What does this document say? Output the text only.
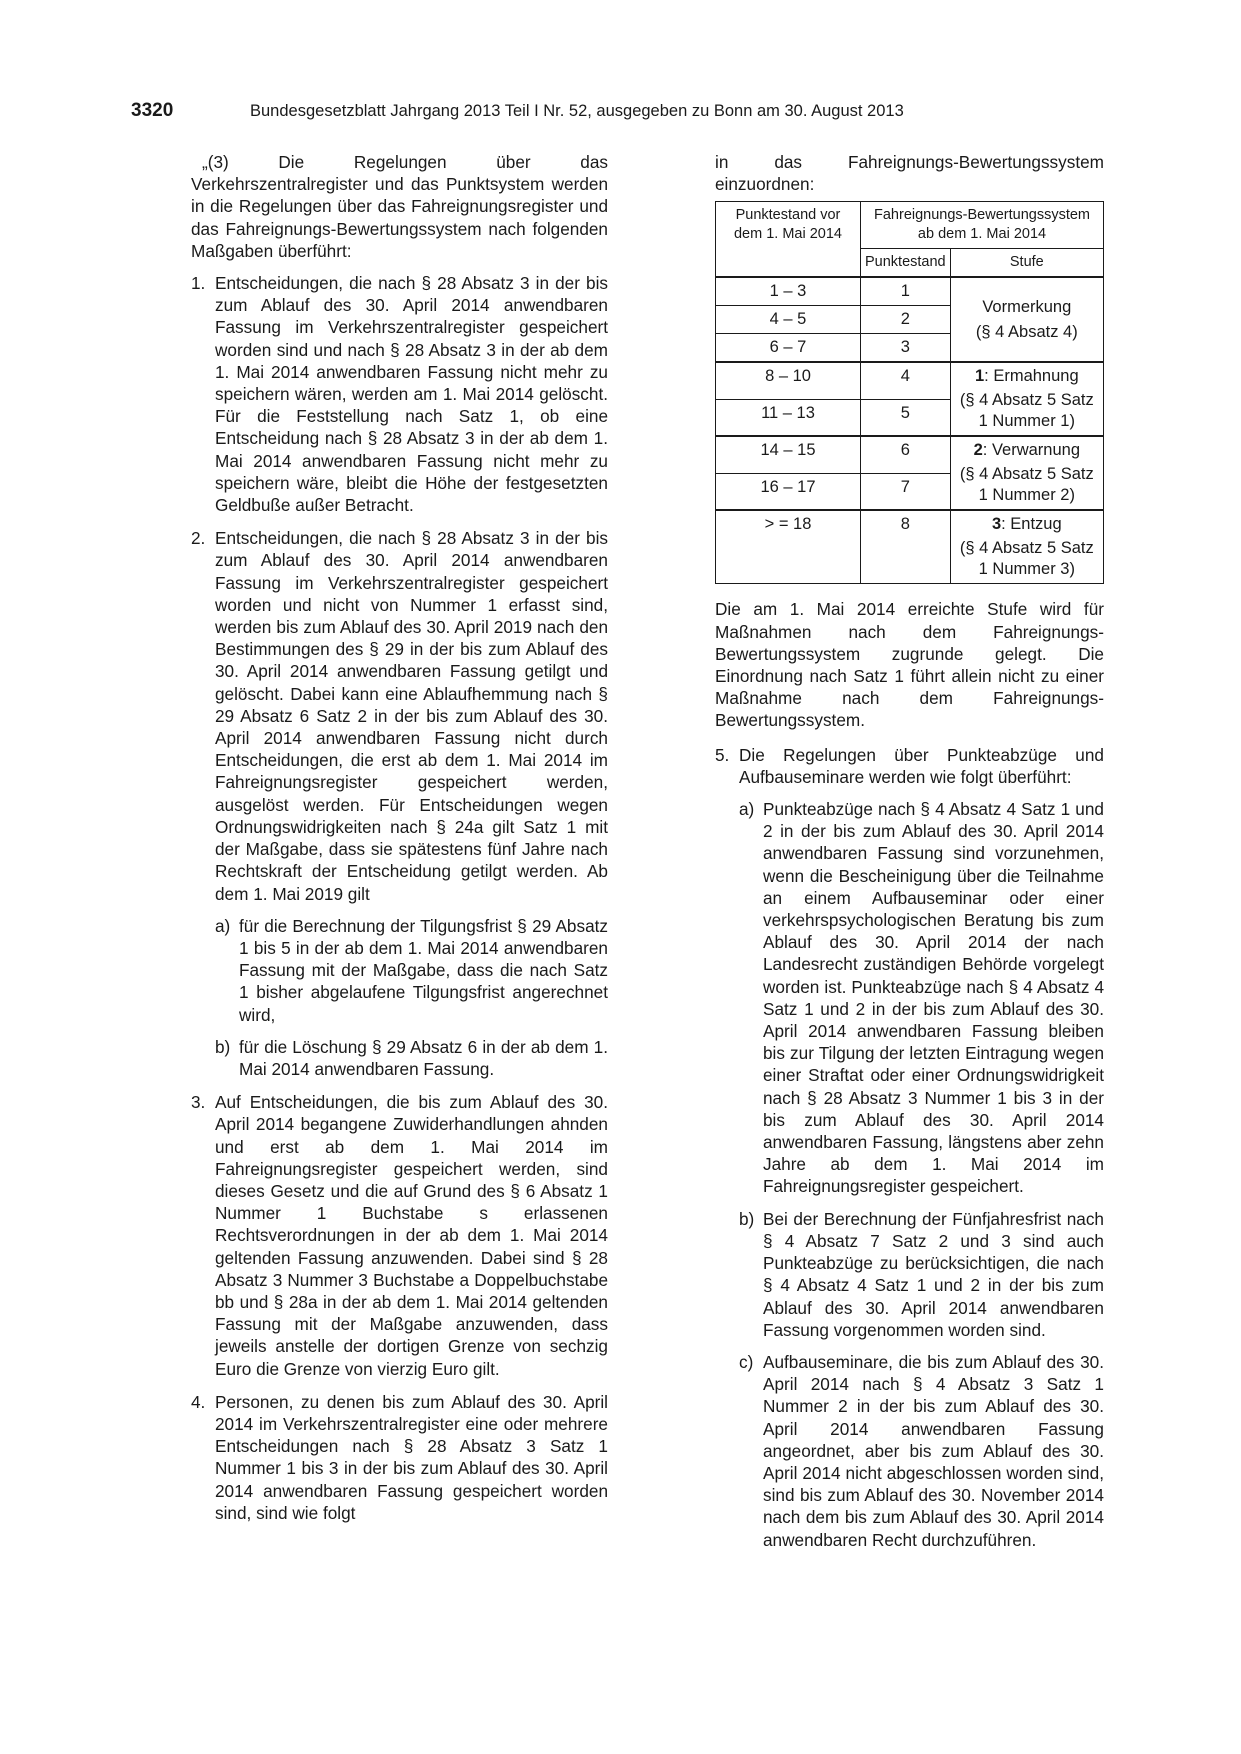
3320	Bundesgesetzblatt Jahrgang 2013 Teil I Nr. 52, ausgegeben zu Bonn am 30. August 2013

„(3) Die Regelungen über das Verkehrszentralregister und das Punktsystem werden in die Regelungen über das Fahreignungsregister und das Fahreignungs-Bewertungssystem nach folgenden Maßgaben überführt:

1. Entscheidungen, die nach § 28 Absatz 3 in der bis zum Ablauf des 30. April 2014 anwendbaren Fassung im Verkehrszentralregister gespeichert worden sind und nach § 28 Absatz 3 in der ab dem 1. Mai 2014 anwendbaren Fassung nicht mehr zu speichern wären, werden am 1. Mai 2014 gelöscht. Für die Feststellung nach Satz 1, ob eine Entscheidung nach § 28 Absatz 3 in der ab dem 1. Mai 2014 anwendbaren Fassung nicht mehr zu speichern wäre, bleibt die Höhe der festgesetzten Geldbuße außer Betracht.

2. Entscheidungen, die nach § 28 Absatz 3 in der bis zum Ablauf des 30. April 2014 anwendbaren Fassung im Verkehrszentralregister gespeichert worden und nicht von Nummer 1 erfasst sind, werden bis zum Ablauf des 30. April 2019 nach den Bestimmungen des § 29 in der bis zum Ablauf des 30. April 2014 anwendbaren Fassung getilgt und gelöscht. Dabei kann eine Ablaufhemmung nach § 29 Absatz 6 Satz 2 in der bis zum Ablauf des 30. April 2014 anwendbaren Fassung nicht durch Entscheidungen, die erst ab dem 1. Mai 2014 im Fahreignungsregister gespeichert werden, ausgelöst werden. Für Entscheidungen wegen Ordnungswidrigkeiten nach § 24a gilt Satz 1 mit der Maßgabe, dass sie spätestens fünf Jahre nach Rechtskraft der Entscheidung getilgt werden. Ab dem 1. Mai 2019 gilt

a) für die Berechnung der Tilgungsfrist § 29 Absatz 1 bis 5 in der ab dem 1. Mai 2014 anwendbaren Fassung mit der Maßgabe, dass die nach Satz 1 bisher abgelaufene Tilgungsfrist angerechnet wird,

b) für die Löschung § 29 Absatz 6 in der ab dem 1. Mai 2014 anwendbaren Fassung.

3. Auf Entscheidungen, die bis zum Ablauf des 30. April 2014 begangene Zuwiderhandlungen ahnden und erst ab dem 1. Mai 2014 im Fahreignungsregister gespeichert werden, sind dieses Gesetz und die auf Grund des § 6 Absatz 1 Nummer 1 Buchstabe s erlassenen Rechtsverordnungen in der ab dem 1. Mai 2014 geltenden Fassung anzuwenden. Dabei sind § 28 Absatz 3 Nummer 3 Buchstabe a Doppelbuchstabe bb und § 28a in der ab dem 1. Mai 2014 geltenden Fassung mit der Maßgabe anzuwenden, dass jeweils anstelle der dortigen Grenze von sechzig Euro die Grenze von vierzig Euro gilt.

4. Personen, zu denen bis zum Ablauf des 30. April 2014 im Verkehrszentralregister eine oder mehrere Entscheidungen nach § 28 Absatz 3 Satz 1 Nummer 1 bis 3 in der bis zum Ablauf des 30. April 2014 anwendbaren Fassung gespeichert worden sind, sind wie folgt

in das Fahreignungs-Bewertungssystem einzuordnen:

Punktestand vor dem 1. Mai 2014	Fahreignungs-Bewertungssystem ab dem 1. Mai 2014	
	Punktestand	Stufe
1 – 3	1	Vormerkung
(§ 4 Absatz 4)

4 – 5	2	
6 – 7	3	
8 – 10	4	1: Ermahnung
(§ 4 Absatz 5 Satz 1 Nummer 1)

11 – 13	5	
14 – 15	6	2: Verwarnung
(§ 4 Absatz 5 Satz 1 Nummer 2)

16 – 17	7	
> = 18	8	3: Entzug
(§ 4 Absatz 5 Satz 1 Nummer 3)

Die am 1. Mai 2014 erreichte Stufe wird für Maßnahmen nach dem Fahreignungs-Bewertungssystem zugrunde gelegt. Die Einordnung nach Satz 1 führt allein nicht zu einer Maßnahme nach dem Fahreignungs-Bewertungssystem.

5. Die Regelungen über Punkteabzüge und Aufbauseminare werden wie folgt überführt:

a) Punkteabzüge nach § 4 Absatz 4 Satz 1 und 2 in der bis zum Ablauf des 30. April 2014 anwendbaren Fassung sind vorzunehmen, wenn die Bescheinigung über die Teilnahme an einem Aufbauseminar oder einer verkehrspsychologischen Beratung bis zum Ablauf des 30. April 2014 der nach Landesrecht zuständigen Behörde vorgelegt worden ist. Punkteabzüge nach § 4 Absatz 4 Satz 1 und 2 in der bis zum Ablauf des 30. April 2014 anwendbaren Fassung bleiben bis zur Tilgung der letzten Eintragung wegen einer Straftat oder einer Ordnungswidrigkeit nach § 28 Absatz 3 Nummer 1 bis 3 in der bis zum Ablauf des 30. April 2014 anwendbaren Fassung, längstens aber zehn Jahre ab dem 1. Mai 2014 im Fahreignungsregister gespeichert.

b) Bei der Berechnung der Fünfjahresfrist nach § 4 Absatz 7 Satz 2 und 3 sind auch Punkteabzüge zu berücksichtigen, die nach § 4 Absatz 4 Satz 1 und 2 in der bis zum Ablauf des 30. April 2014 anwendbaren Fassung vorgenommen worden sind.

c) Aufbauseminare, die bis zum Ablauf des 30. April 2014 nach § 4 Absatz 3 Satz 1 Nummer 2 in der bis zum Ablauf des 30. April 2014 anwendbaren Fassung angeordnet, aber bis zum Ablauf des 30. April 2014 nicht abgeschlossen worden sind, sind bis zum Ablauf des 30. November 2014 nach dem bis zum Ablauf des 30. April 2014 anwendbaren Recht durchzuführen.
